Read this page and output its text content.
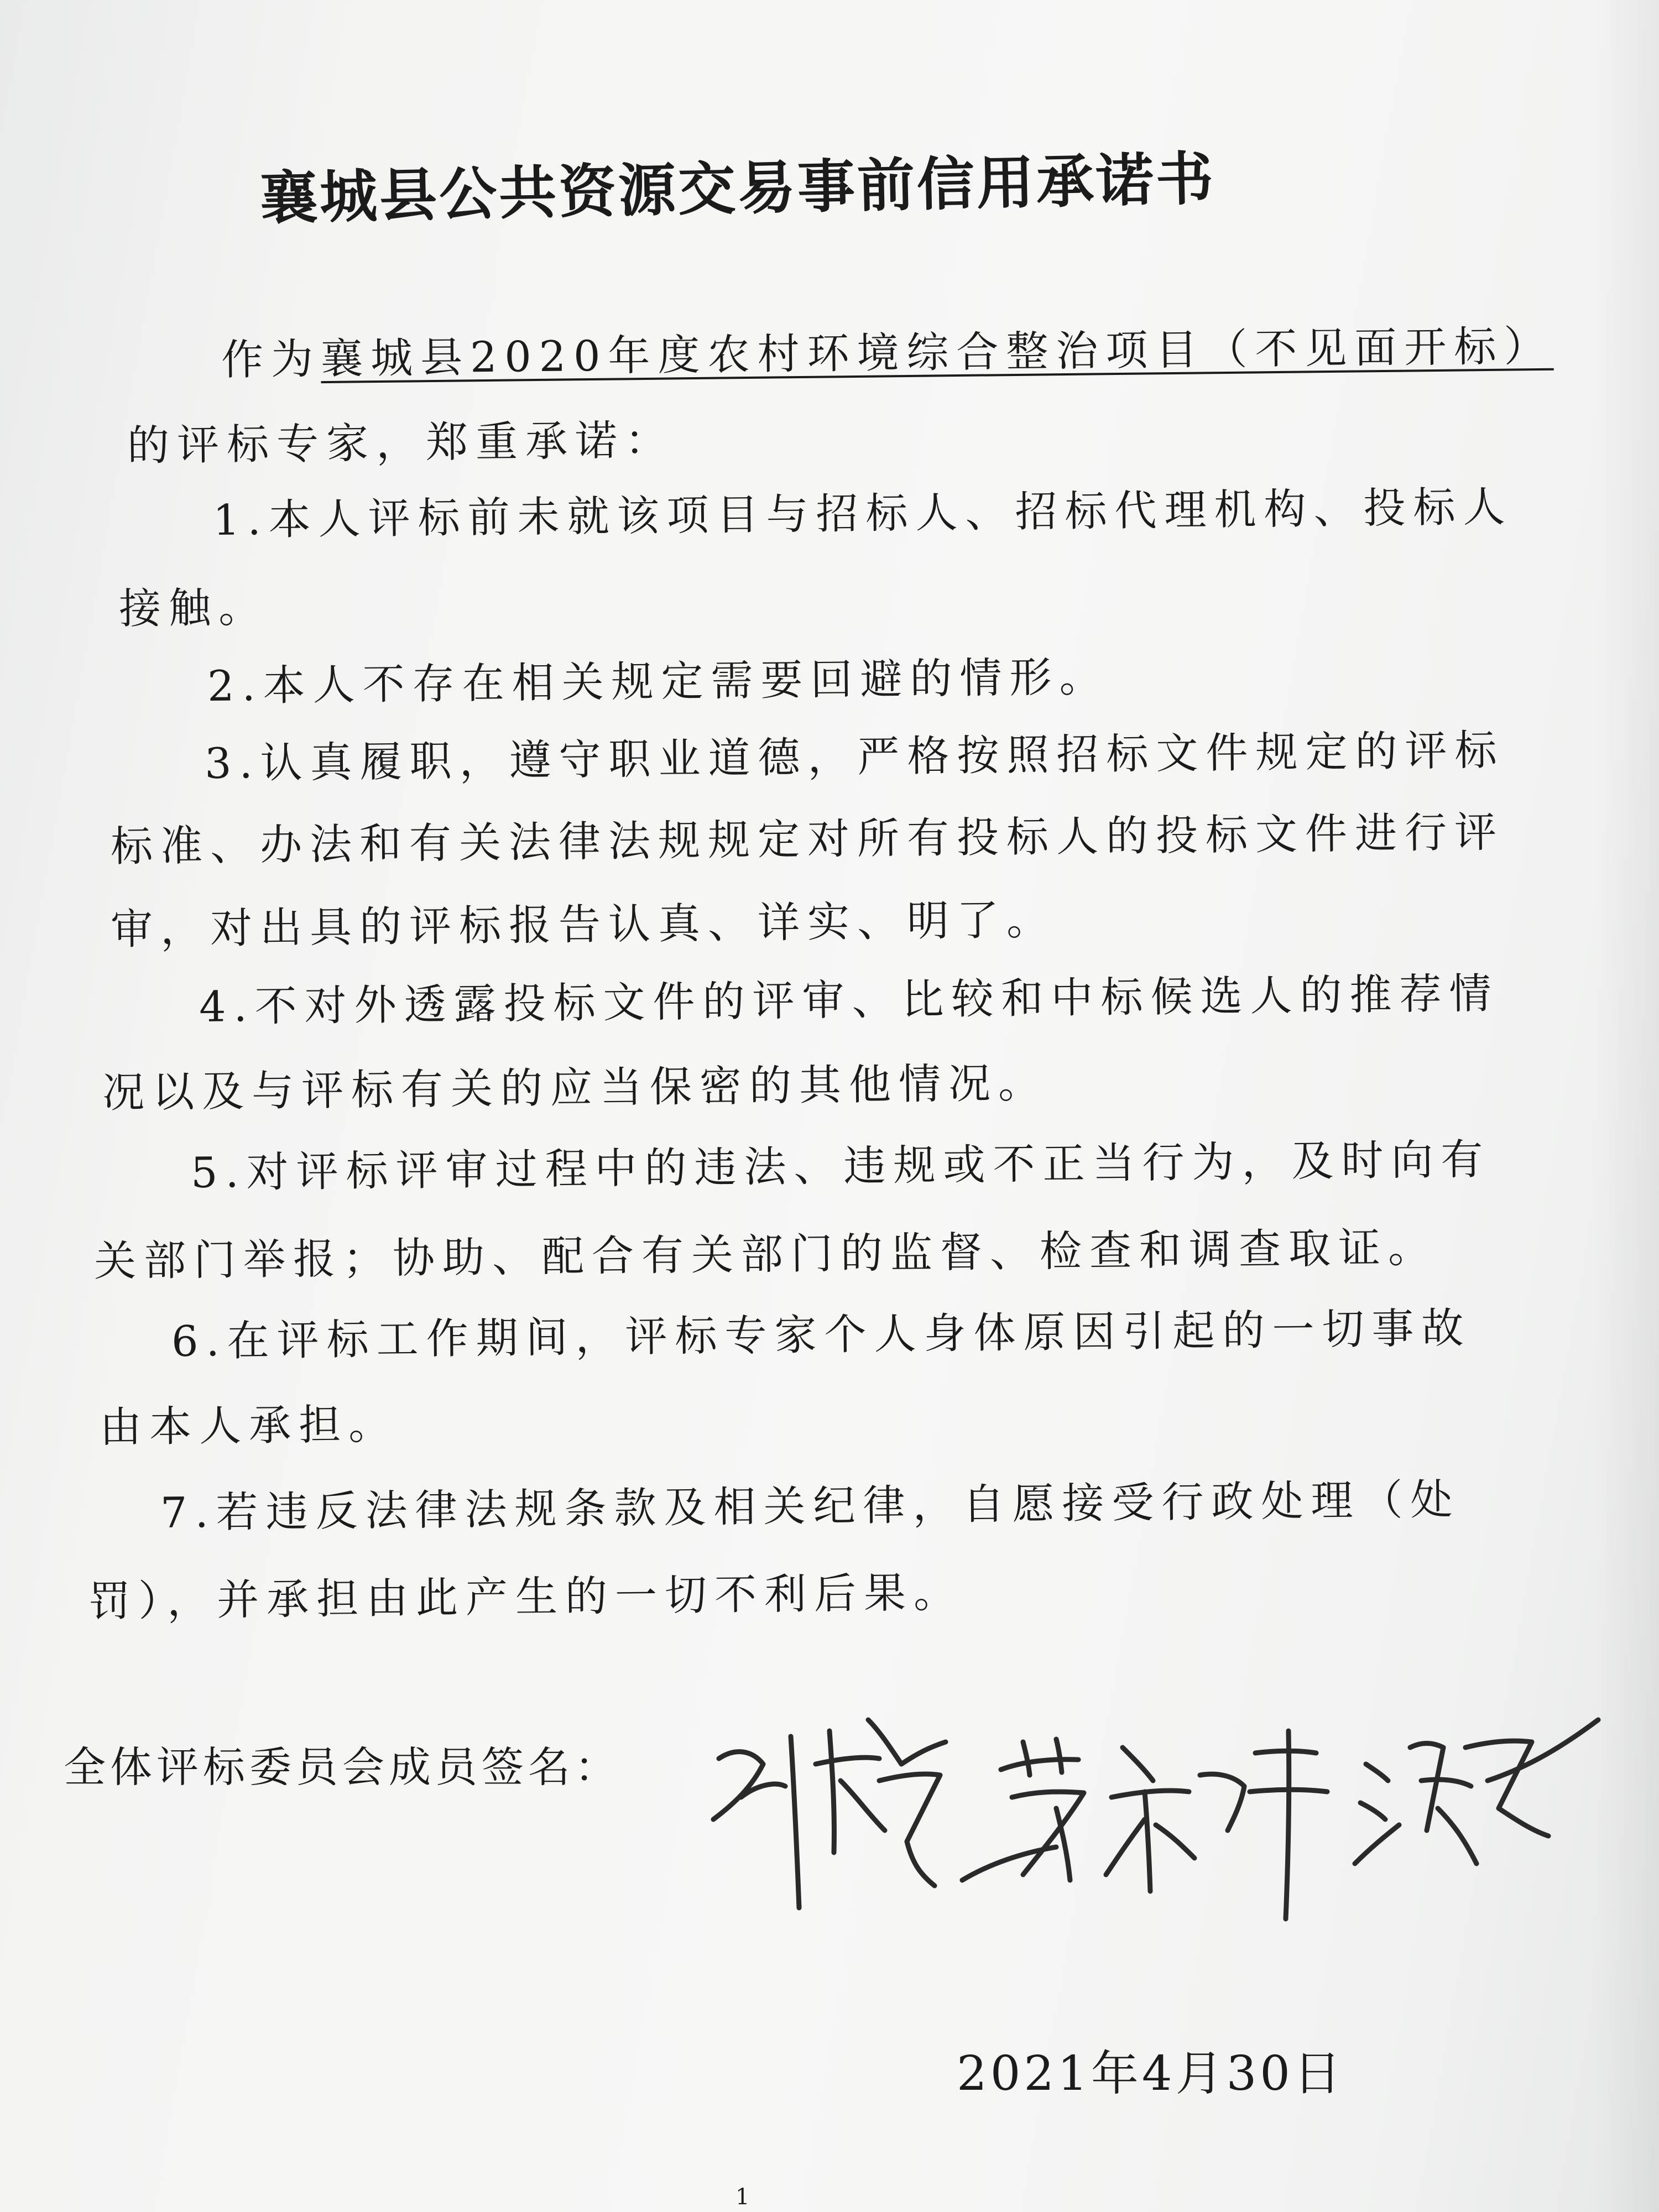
襄城县公共资源交易事前信用承诺书
作为襄城县2020年度农村环境综合整治项目（不见面开标）
的评标专家，郑重承诺：
1.本人评标前未就该项目与招标人、招标代理机构、投标人
接触。
2.本人不存在相关规定需要回避的情形。
3.认真履职，遵守职业道德，严格按照招标文件规定的评标
标准、办法和有关法律法规规定对所有投标人的投标文件进行评
审，对出具的评标报告认真、详实、明了。
4.不对外透露投标文件的评审、比较和中标候选人的推荐情
况以及与评标有关的应当保密的其他情况。
5.对评标评审过程中的违法、违规或不正当行为，及时向有
关部门举报；协助、配合有关部门的监督、检查和调查取证。
6.在评标工作期间，评标专家个人身体原因引起的一切事故
由本人承担。
7.若违反法律法规条款及相关纪律，自愿接受行政处理（处
罚），并承担由此产生的一切不利后果。
全体评标委员会成员签名：
2021年4月30日
1
